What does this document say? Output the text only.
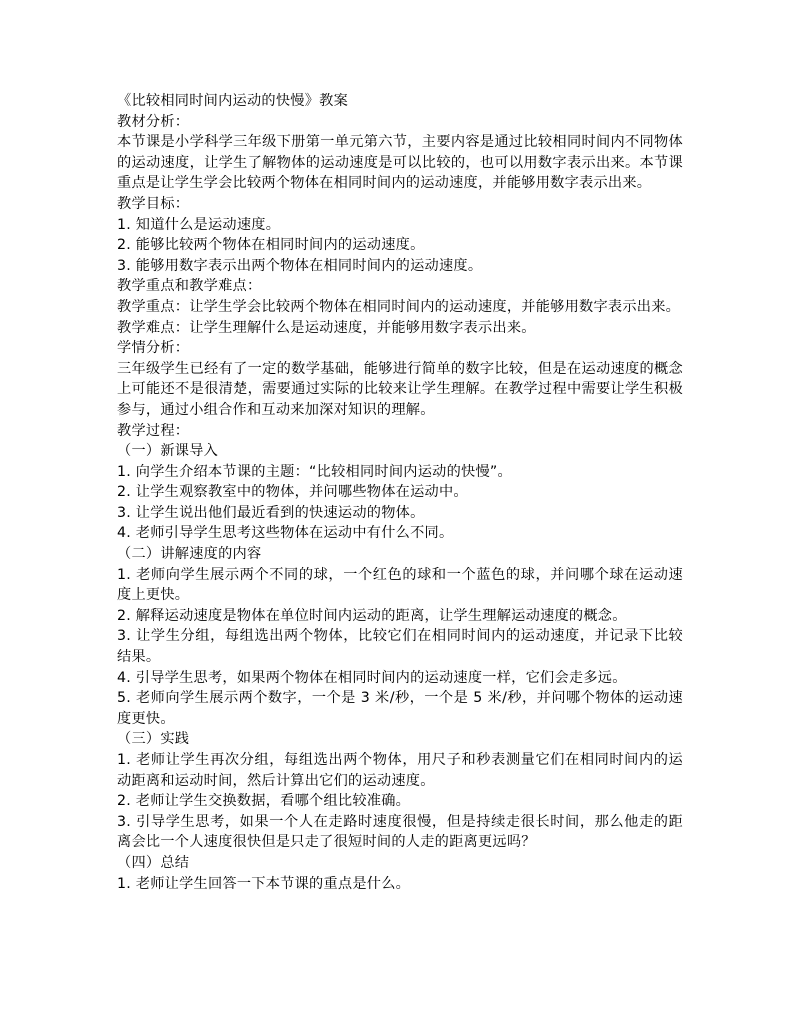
《比较相同时间内运动的快慢》教案
教材分析：
本节课是小学科学三年级下册第一单元第六节，主要内容是通过比较相同时间内不同物体的运动速度，让学生了解物体的运动速度是可以比较的，也可以用数字表示出来。本节课重点是让学生学会比较两个物体在相同时间内的运动速度，并能够用数字表示出来。
教学目标：
1. 知道什么是运动速度。
2. 能够比较两个物体在相同时间内的运动速度。
3. 能够用数字表示出两个物体在相同时间内的运动速度。
教学重点和教学难点：
教学重点：让学生学会比较两个物体在相同时间内的运动速度，并能够用数字表示出来。
教学难点：让学生理解什么是运动速度，并能够用数字表示出来。
学情分析：
三年级学生已经有了一定的数学基础，能够进行简单的数字比较，但是在运动速度的概念上可能还不是很清楚，需要通过实际的比较来让学生理解。在教学过程中需要让学生积极参与，通过小组合作和互动来加深对知识的理解。
教学过程：
（一）新课导入
1. 向学生介绍本节课的主题：“比较相同时间内运动的快慢”。
2. 让学生观察教室中的物体，并问哪些物体在运动中。
3. 让学生说出他们最近看到的快速运动的物体。
4. 老师引导学生思考这些物体在运动中有什么不同。
（二）讲解速度的内容
1. 老师向学生展示两个不同的球，一个红色的球和一个蓝色的球，并问哪个球在运动速度上更快。
2. 解释运动速度是物体在单位时间内运动的距离，让学生理解运动速度的概念。
3. 让学生分组，每组选出两个物体，比较它们在相同时间内的运动速度，并记录下比较结果。
4. 引导学生思考，如果两个物体在相同时间内的运动速度一样，它们会走多远。
5. 老师向学生展示两个数字，一个是 3 米/秒，一个是 5 米/秒，并问哪个物体的运动速度更快。
（三）实践
1. 老师让学生再次分组，每组选出两个物体，用尺子和秒表测量它们在相同时间内的运动距离和运动时间，然后计算出它们的运动速度。
2. 老师让学生交换数据，看哪个组比较准确。
3. 引导学生思考，如果一个人在走路时速度很慢，但是持续走很长时间，那么他走的距离会比一个人速度很快但是只走了很短时间的人走的距离更远吗？
（四）总结
1. 老师让学生回答一下本节课的重点是什么。
